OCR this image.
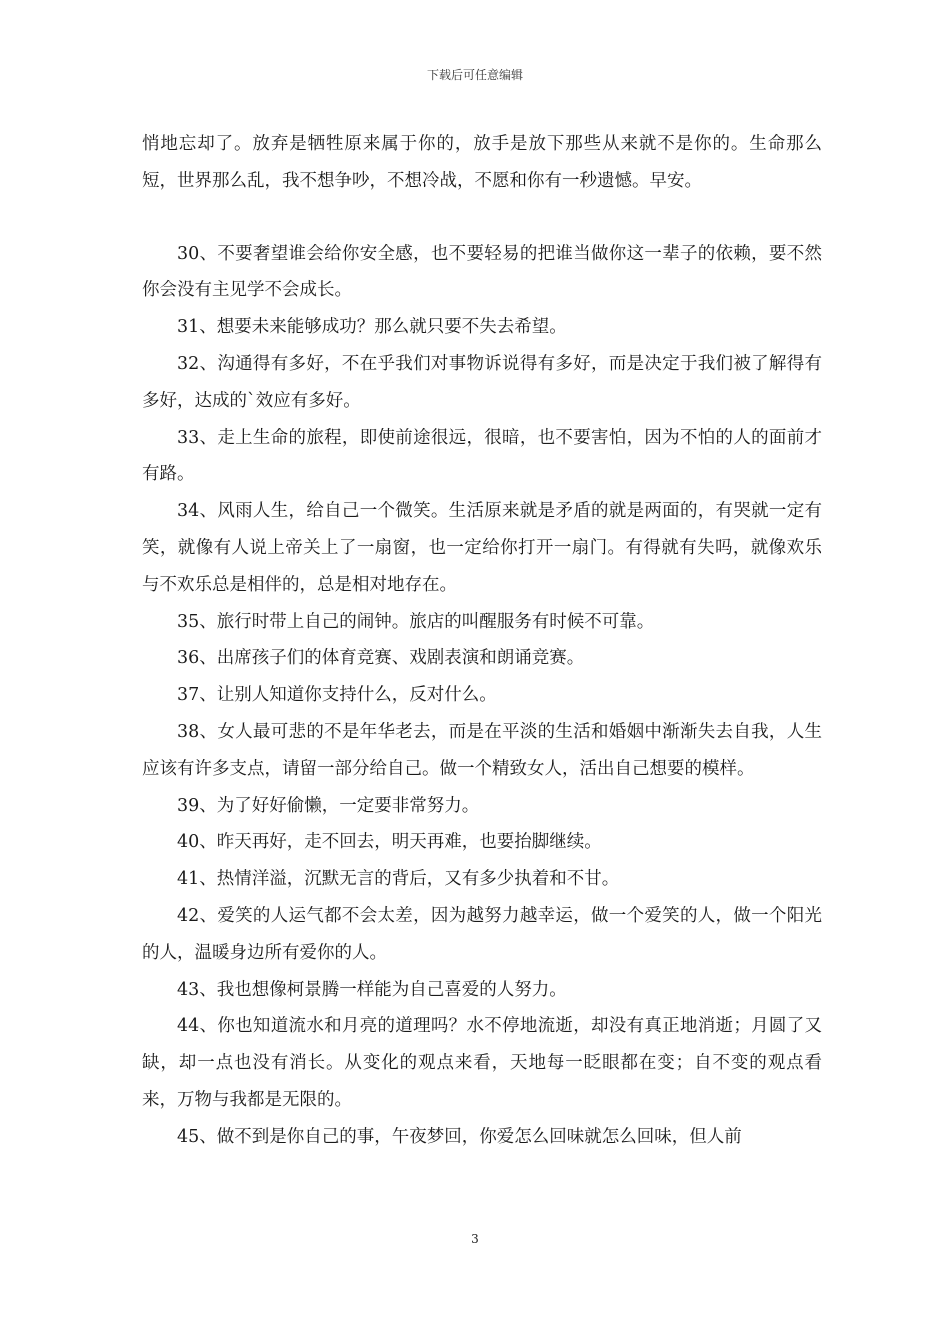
下载后可任意编辑

悄地忘却了。放弃是牺牲原来属于你的，放手是放下那些从来就不是你的。生命那么短，世界那么乱，我不想争吵，不想冷战，不愿和你有一秒遗憾。早安。

30、不要奢望谁会给你安全感，也不要轻易的把谁当做你这一辈子的依赖，要不然你会没有主见学不会成长。

31、想要未来能够成功？那么就只要不失去希望。

32、沟通得有多好，不在乎我们对事物诉说得有多好，而是决定于我们被了解得有多好，达成的`效应有多好。

33、走上生命的旅程，即使前途很远，很暗，也不要害怕，因为不怕的人的面前才有路。

34、风雨人生，给自己一个微笑。生活原来就是矛盾的就是两面的，有哭就一定有笑，就像有人说上帝关上了一扇窗，也一定给你打开一扇门。有得就有失吗，就像欢乐与不欢乐总是相伴的，总是相对地存在。

35、旅行时带上自己的闹钟。旅店的叫醒服务有时候不可靠。

36、出席孩子们的体育竞赛、戏剧表演和朗诵竞赛。

37、让别人知道你支持什么，反对什么。

38、女人最可悲的不是年华老去，而是在平淡的生活和婚姻中渐渐失去自我，人生应该有许多支点，请留一部分给自己。做一个精致女人，活出自己想要的模样。

39、为了好好偷懒，一定要非常努力。

40、昨天再好，走不回去，明天再难，也要抬脚继续。

41、热情洋溢，沉默无言的背后，又有多少执着和不甘。

42、爱笑的人运气都不会太差，因为越努力越幸运，做一个爱笑的人，做一个阳光的人，温暖身边所有爱你的人。

43、我也想像柯景腾一样能为自己喜爱的人努力。

44、你也知道流水和月亮的道理吗？水不停地流逝，却没有真正地消逝；月圆了又缺，却一点也没有消长。从变化的观点来看，天地每一眨眼都在变；自不变的观点看来，万物与我都是无限的。

45、做不到是你自己的事，午夜梦回，你爱怎么回味就怎么回味，但人前

3
